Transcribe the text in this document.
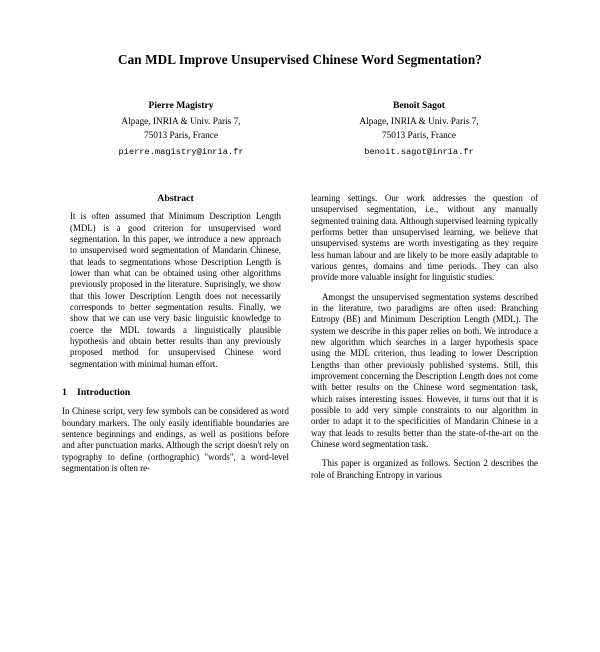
Can MDL Improve Unsupervised Chinese Word Segmentation?
Pierre Magistry
Alpage, INRIA & Univ. Paris 7,
75013 Paris, France
pierre.magistry@inria.fr
Benoît Sagot
Alpage, INRIA & Univ. Paris 7,
75013 Paris, France
benoit.sagot@inria.fr
Abstract

It is often assumed that Minimum Description Length (MDL) is a good criterion for unsupervised word segmentation. In this paper, we introduce a new approach to unsupervised word segmentation of Mandarin Chinese, that leads to segmentations whose Description Length is lower than what can be obtained using other algorithms previously proposed in the literature. Suprisingly, we show that this lower Description Length does not necessarily corresponds to better segmentation results. Finally, we show that we can use very basic linguistic knowledge to coerce the MDL towards a linguistically plausible hypothesis and obtain better results than any previously proposed method for unsupervised Chinese word segmentation with minimal human effort.

1	Introduction

In Chinese script, very few symbols can be considered as word boundary markers. The only easily identifiable boundaries are sentence beginnings and endings, as well as positions before and after punctuation marks. Although the script doesn't rely on typography to define (orthographic) "words", a word-level segmentation is often re-

learning settings. Our work addresses the question of unsupervised segmentation, i.e., without any manually segmented training data. Although supervised learning typically performs better than unsupervised learning, we believe that unsupervised systems are worth investigating as they require less human labour and are likely to be more easily adaptable to various genres, domains and time periods. They can also provide more valuable insight for linguistic studies.

Amongst the unsupervised segmentation systems described in the literature, two paradigms are often used: Branching Entropy (BE) and Minimum Description Length (MDL). The system we describe in this paper relies on both. We introduce a new algorithm which searches in a larger hypothesis space using the MDL criterion, thus leading to lower Description Lengths than other previously published systems. Still, this improvement concerning the Description Length does not come with better results on the Chinese word segmentation task, which raises interesting issues. However, it turns out that it is possible to add very simple constraints to our algorithm in order to adapt it to the specificities of Mandarin Chinese in a way that leads to results better than the state-of-the-art on the Chinese word segmentation task.

This paper is organized as follows. Section 2 describes the role of Branching Entropy in various
